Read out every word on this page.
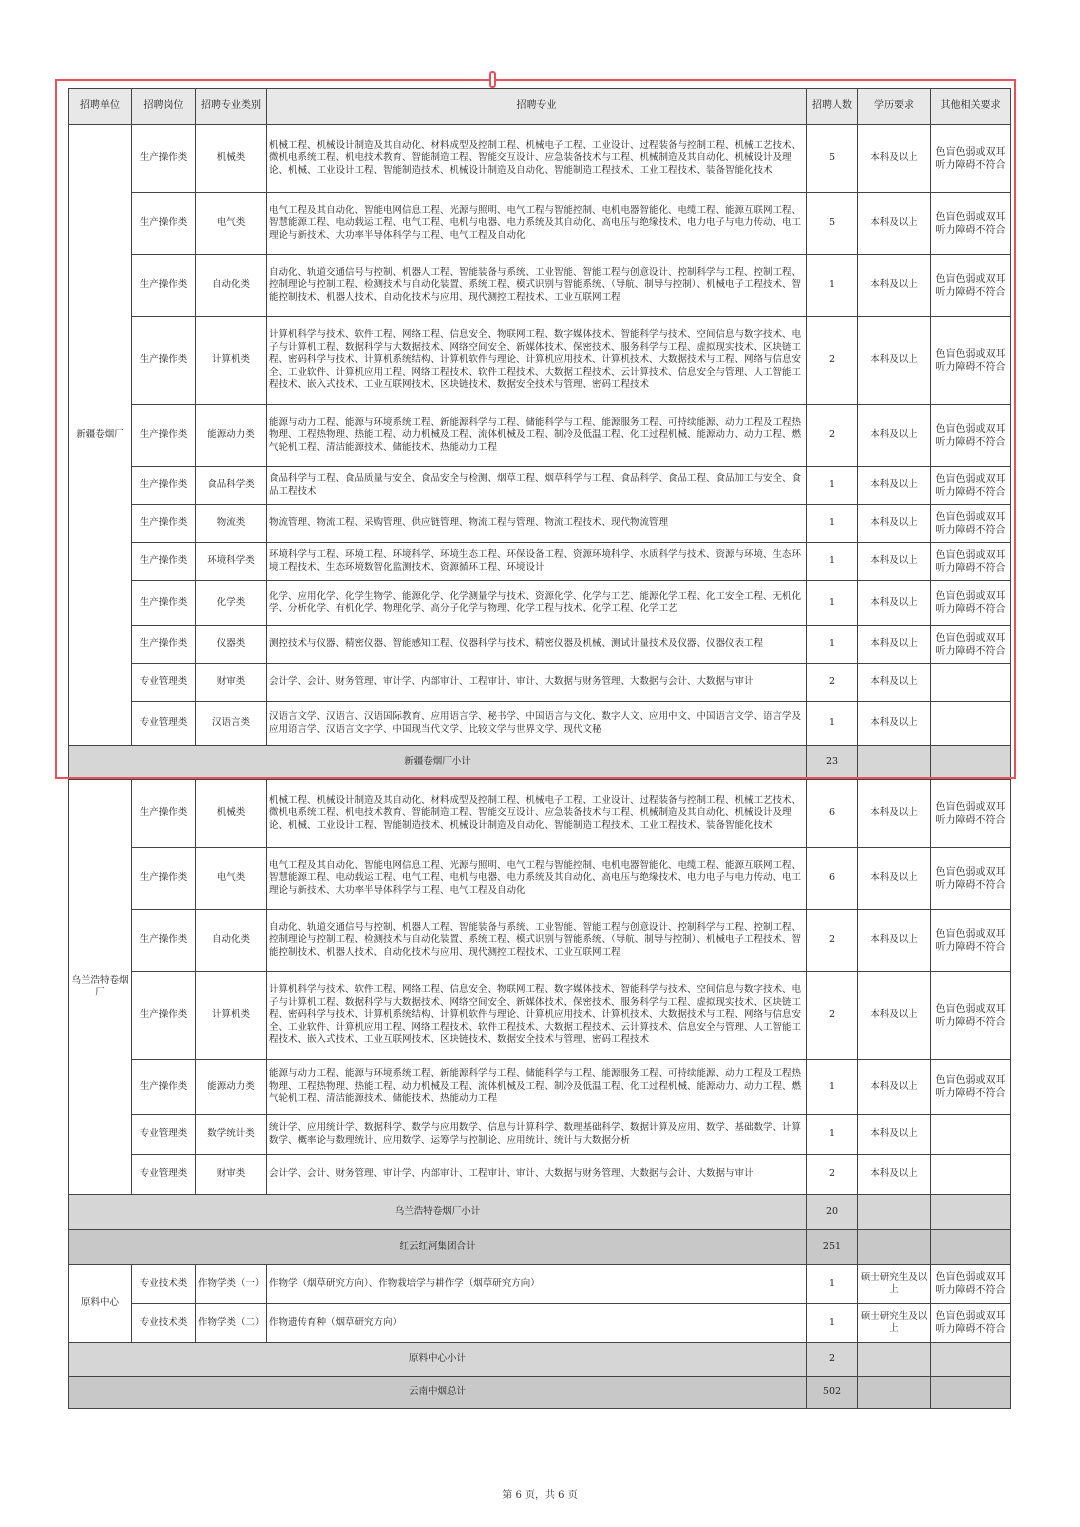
招聘单位	招聘岗位	招聘专业类别	招聘专业	招聘人数	学历要求	其他相关要求
新疆卷烟厂	生产操作类	机械类	机械工程、机械设计制造及其自动化、材料成型及控制工程、机械电子工程、工业设计、过程装备与控制工程、机械工艺技术、微机电系统工程、机电技术教育、智能制造工程、智能交互设计、应急装备技术与工程、机械制造及其自动化、机械设计及理论、机械、工业设计工程、智能制造技术、机械设计制造及自动化、智能制造工程技术、工业工程技术、装备智能化技术	5	本科及以上	色盲色弱或双耳听力障碍不符合
	生产操作类	电气类	电气工程及其自动化、智能电网信息工程、光源与照明、电气工程与智能控制、电机电器智能化、电缆工程、能源互联网工程、智慧能源工程、电动载运工程、电气工程、电机与电器、电力系统及其自动化、高电压与绝缘技术、电力电子与电力传动、电工理论与新技术、大功率半导体科学与工程、电气工程及自动化	5	本科及以上	色盲色弱或双耳听力障碍不符合
	生产操作类	自动化类	自动化、轨道交通信号与控制、机器人工程、智能装备与系统、工业智能、智能工程与创意设计、控制科学与工程、控制工程、控制理论与控制工程、检测技术与自动化装置、系统工程、模式识别与智能系统、（导航、制导与控制）、机械电子工程技术、智能控制技术、机器人技术、自动化技术与应用、现代测控工程技术、工业互联网工程	1	本科及以上	色盲色弱或双耳听力障碍不符合
	生产操作类	计算机类	计算机科学与技术、软件工程、网络工程、信息安全、物联网工程、数字媒体技术、智能科学与技术、空间信息与数字技术、电子与计算机工程、数据科学与大数据技术、网络空间安全、新媒体技术、保密技术、服务科学与工程、虚拟现实技术、区块链工程、密码科学与技术、计算机系统结构、计算机软件与理论、计算机应用技术、计算机技术、大数据技术与工程、网络与信息安全、工业软件、计算机应用工程、网络工程技术、软件工程技术、大数据工程技术、云计算技术、信息安全与管理、人工智能工程技术、嵌入式技术、工业互联网技术、区块链技术、数据安全技术与管理、密码工程技术	2	本科及以上	色盲色弱或双耳听力障碍不符合
	生产操作类	能源动力类	能源与动力工程、能源与环境系统工程、新能源科学与工程、储能科学与工程、能源服务工程、可持续能源、动力工程及工程热物理、工程热物理、热能工程、动力机械及工程、流体机械及工程、制冷及低温工程、化工过程机械、能源动力、动力工程、燃气轮机工程、清洁能源技术、储能技术、热能动力工程	2	本科及以上	色盲色弱或双耳听力障碍不符合
	生产操作类	食品科学类	食品科学与工程、食品质量与安全、食品安全与检测、烟草工程、烟草科学与工程、食品科学、食品工程、食品加工与安全、食品工程技术	1	本科及以上	色盲色弱或双耳听力障碍不符合
	生产操作类	物流类	物流管理、物流工程、采购管理、供应链管理、物流工程与管理、物流工程技术、现代物流管理	1	本科及以上	色盲色弱或双耳听力障碍不符合
	生产操作类	环境科学类	环境科学与工程、环境工程、环境科学、环境生态工程、环保设备工程、资源环境科学、水质科学与技术、资源与环境、生态环境工程技术、生态环境数智化监测技术、资源循环工程、环境设计	1	本科及以上	色盲色弱或双耳听力障碍不符合
	生产操作类	化学类	化学、应用化学、化学生物学、能源化学、化学测量学与技术、资源化学、化学与工艺、能源化学工程、化工安全工程、无机化学、分析化学、有机化学、物理化学、高分子化学与物理、化学工程与技术、化学工程、化学工艺	1	本科及以上	色盲色弱或双耳听力障碍不符合
	生产操作类	仪器类	测控技术与仪器、精密仪器、智能感知工程、仪器科学与技术、精密仪器及机械、测试计量技术及仪器、仪器仪表工程	1	本科及以上	色盲色弱或双耳听力障碍不符合
	专业管理类	财审类	会计学、会计、财务管理、审计学、内部审计、工程审计、审计、大数据与财务管理、大数据与会计、大数据与审计	2	本科及以上	
	专业管理类	汉语言类	汉语言文学、汉语言、汉语国际教育、应用语言学、秘书学、中国语言与文化、数字人文、应用中文、中国语言文学、语言学及应用语言学、汉语言文字学、中国现当代文学、比较文学与世界文学、现代文秘	1	本科及以上	
新疆卷烟厂小计				23		
乌兰浩特卷烟厂	生产操作类	机械类	机械工程、机械设计制造及其自动化、材料成型及控制工程、机械电子工程、工业设计、过程装备与控制工程、机械工艺技术、微机电系统工程、机电技术教育、智能制造工程、智能交互设计、应急装备技术与工程、机械制造及其自动化、机械设计及理论、机械、工业设计工程、智能制造技术、机械设计制造及自动化、智能制造工程技术、工业工程技术、装备智能化技术	6	本科及以上	色盲色弱或双耳听力障碍不符合
	生产操作类	电气类	电气工程及其自动化、智能电网信息工程、光源与照明、电气工程与智能控制、电机电器智能化、电缆工程、能源互联网工程、智慧能源工程、电动载运工程、电气工程、电机与电器、电力系统及其自动化、高电压与绝缘技术、电力电子与电力传动、电工理论与新技术、大功率半导体科学与工程、电气工程及自动化	6	本科及以上	色盲色弱或双耳听力障碍不符合
	生产操作类	自动化类	自动化、轨道交通信号与控制、机器人工程、智能装备与系统、工业智能、智能工程与创意设计、控制科学与工程、控制工程、控制理论与控制工程、检测技术与自动化装置、系统工程、模式识别与智能系统、（导航、制导与控制）、机械电子工程技术、智能控制技术、机器人技术、自动化技术与应用、现代测控工程技术、工业互联网工程	2	本科及以上	色盲色弱或双耳听力障碍不符合
	生产操作类	计算机类	计算机科学与技术、软件工程、网络工程、信息安全、物联网工程、数字媒体技术、智能科学与技术、空间信息与数字技术、电子与计算机工程、数据科学与大数据技术、网络空间安全、新媒体技术、保密技术、服务科学与工程、虚拟现实技术、区块链工程、密码科学与技术、计算机系统结构、计算机软件与理论、计算机应用技术、计算机技术、大数据技术与工程、网络与信息安全、工业软件、计算机应用工程、网络工程技术、软件工程技术、大数据工程技术、云计算技术、信息安全与管理、人工智能工程技术、嵌入式技术、工业互联网技术、区块链技术、数据安全技术与管理、密码工程技术	2	本科及以上	色盲色弱或双耳听力障碍不符合
	生产操作类	能源动力类	能源与动力工程、能源与环境系统工程、新能源科学与工程、储能科学与工程、能源服务工程、可持续能源、动力工程及工程热物理、工程热物理、热能工程、动力机械及工程、流体机械及工程、制冷及低温工程、化工过程机械、能源动力、动力工程、燃气轮机工程、清洁能源技术、储能技术、热能动力工程	1	本科及以上	色盲色弱或双耳听力障碍不符合
	专业管理类	数学统计类	统计学、应用统计学、数据科学、数学与应用数学、信息与计算科学、数理基础科学、数据计算及应用、数学、基础数学、计算数学、概率论与数理统计、应用数学、运筹学与控制论、应用统计、统计与大数据分析	1	本科及以上	
	专业管理类	财审类	会计学、会计、财务管理、审计学、内部审计、工程审计、审计、大数据与财务管理、大数据与会计、大数据与审计	2	本科及以上	
乌兰浩特卷烟厂小计				20		
红云红河集团合计				251		
原料中心	专业技术类	作物学类（一）	作物学（烟草研究方向）、作物栽培学与耕作学（烟草研究方向）	1	硕士研究生及以上	色盲色弱或双耳听力障碍不符合
	专业技术类	作物学类（二）	作物遗传育种（烟草研究方向）	1	硕士研究生及以上	色盲色弱或双耳听力障碍不符合
原料中心小计				2		
云南中烟总计				502		
第 6 页，共 6 页
